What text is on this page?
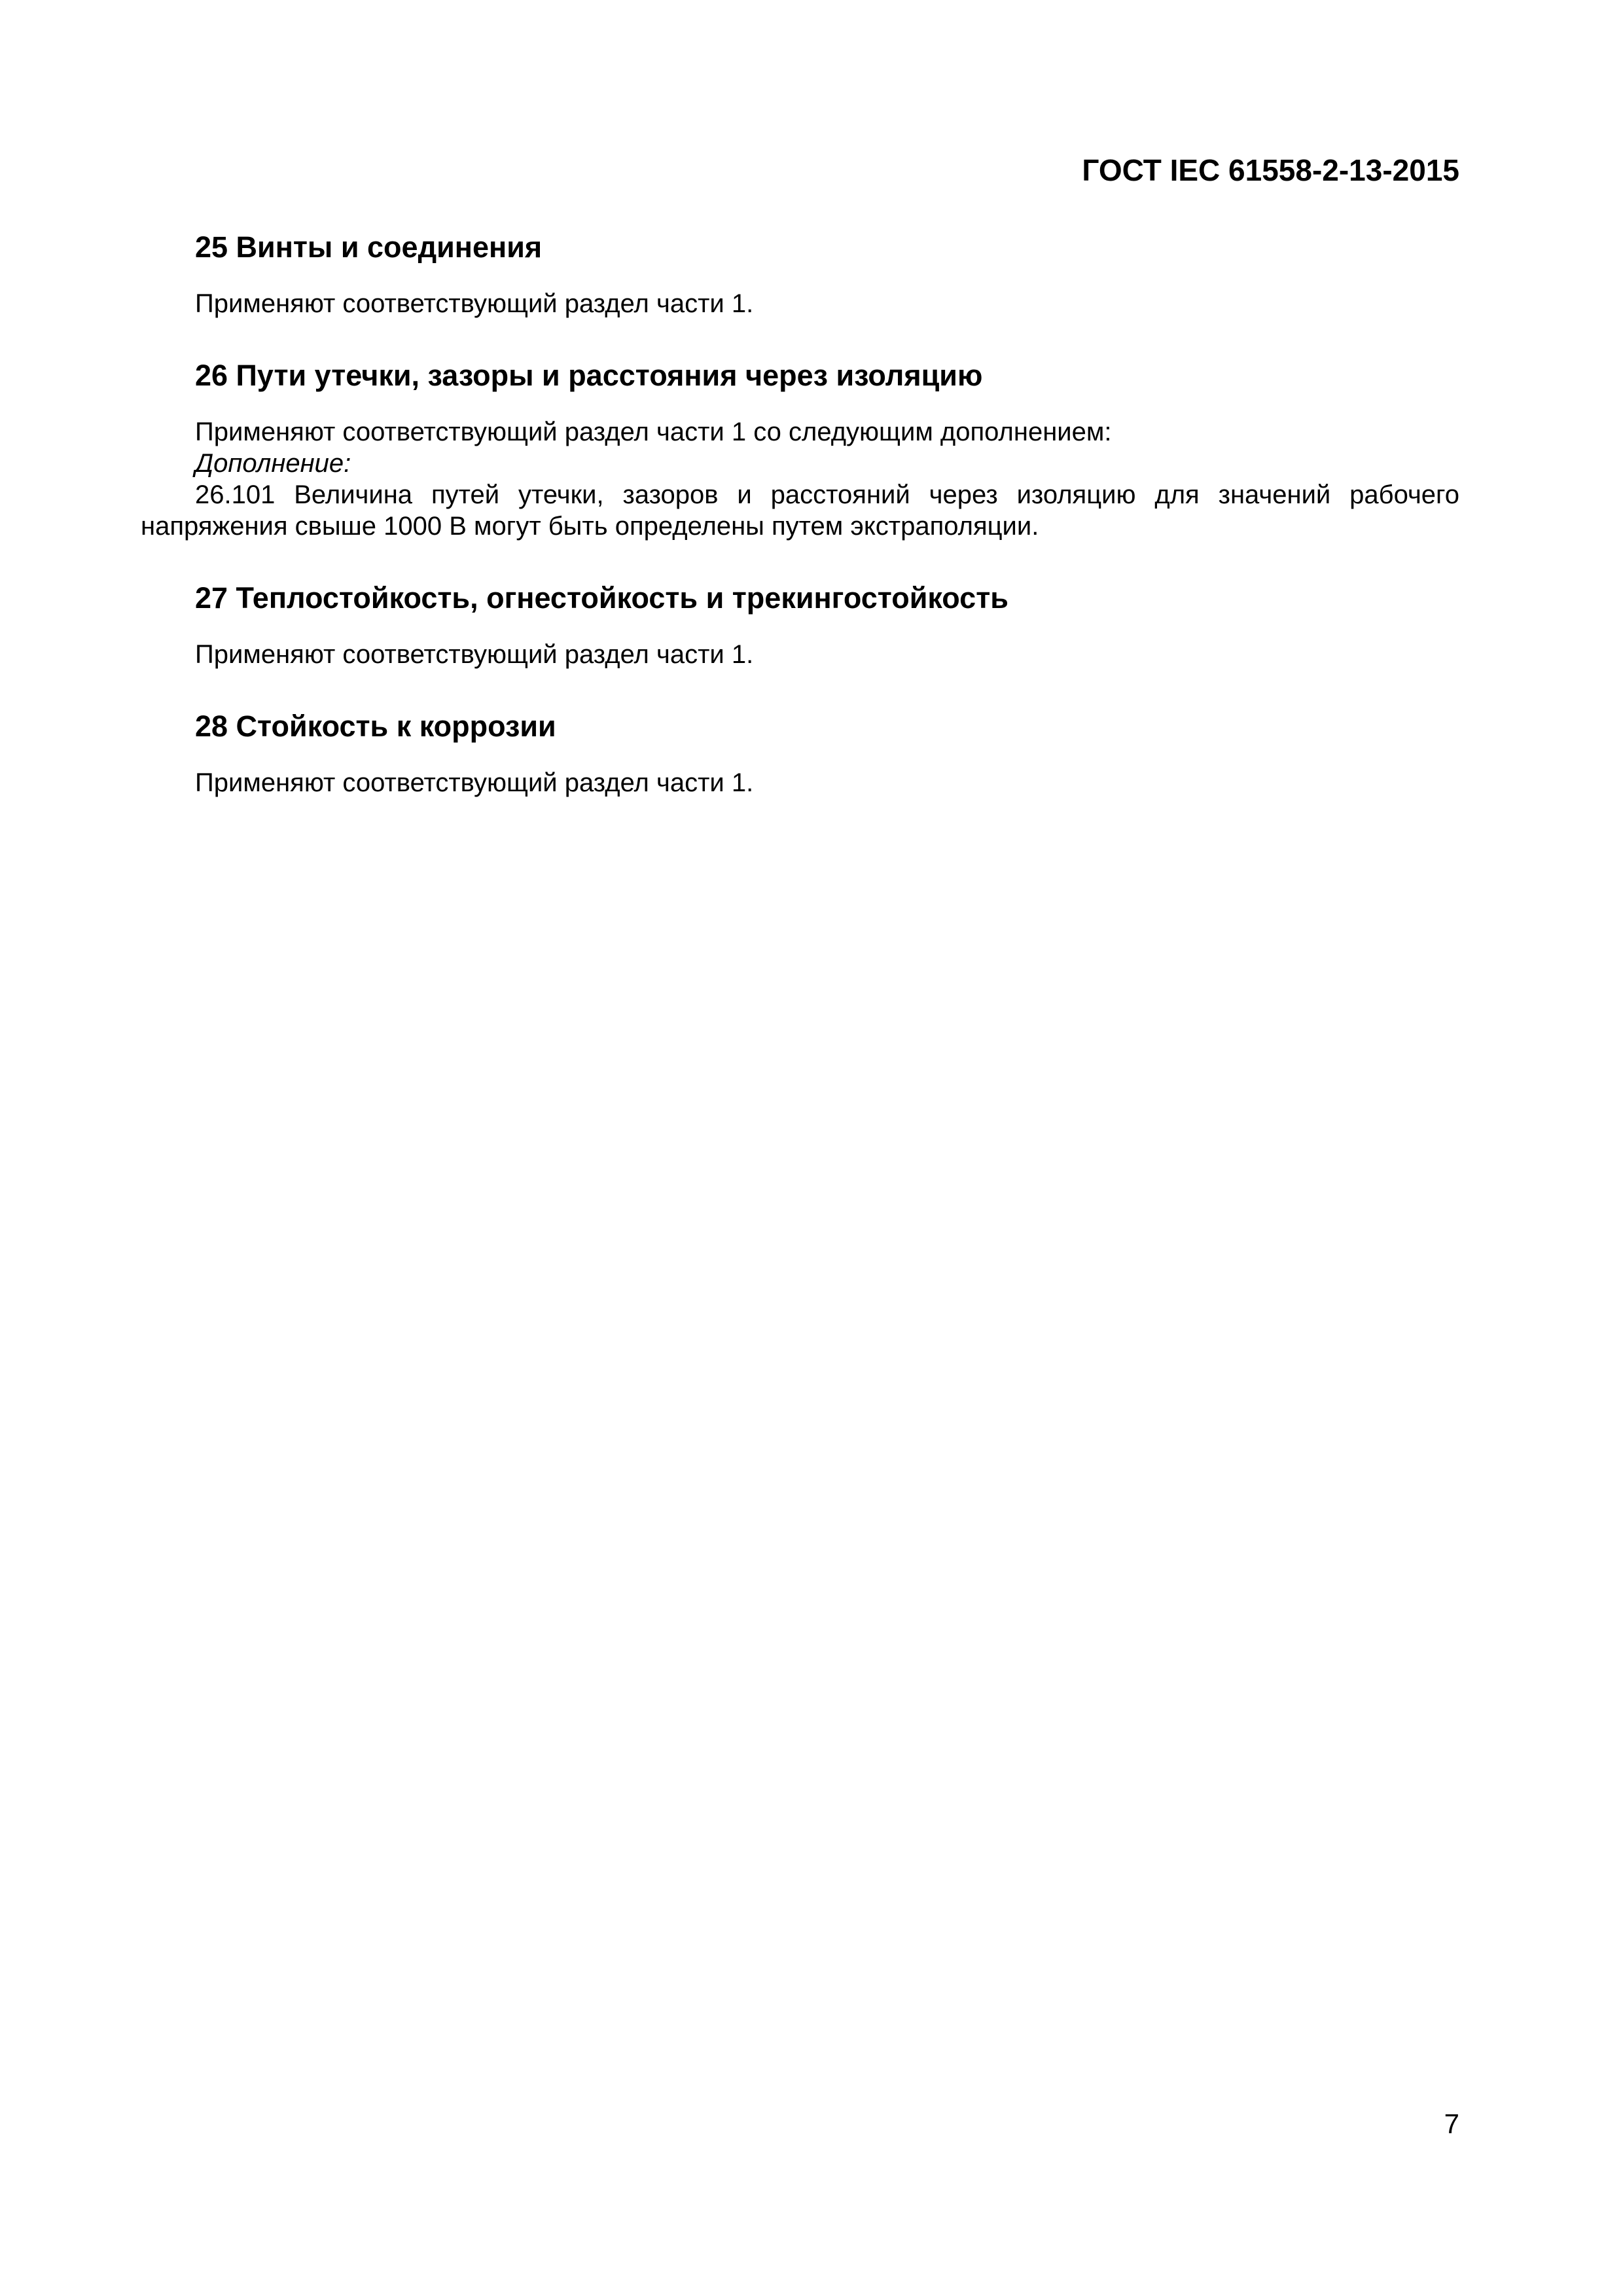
ГОСТ IEC 61558-2-13-2015
25 Винты и соединения

Применяют соответствующий раздел части 1.

26 Пути утечки, зазоры и расстояния через изоляцию

Применяют соответствующий раздел части 1 со следующим дополнением:

Дополнение:

26.101 Величина путей утечки, зазоров и расстояний через изоляцию для значений рабочего напряжения свыше 1000 В могут быть определены путем экстраполяции.

27 Теплостойкость, огнестойкость и трекингостойкость

Применяют соответствующий раздел части 1.

28 Стойкость к коррозии

Применяют соответствующий раздел части 1.

7
